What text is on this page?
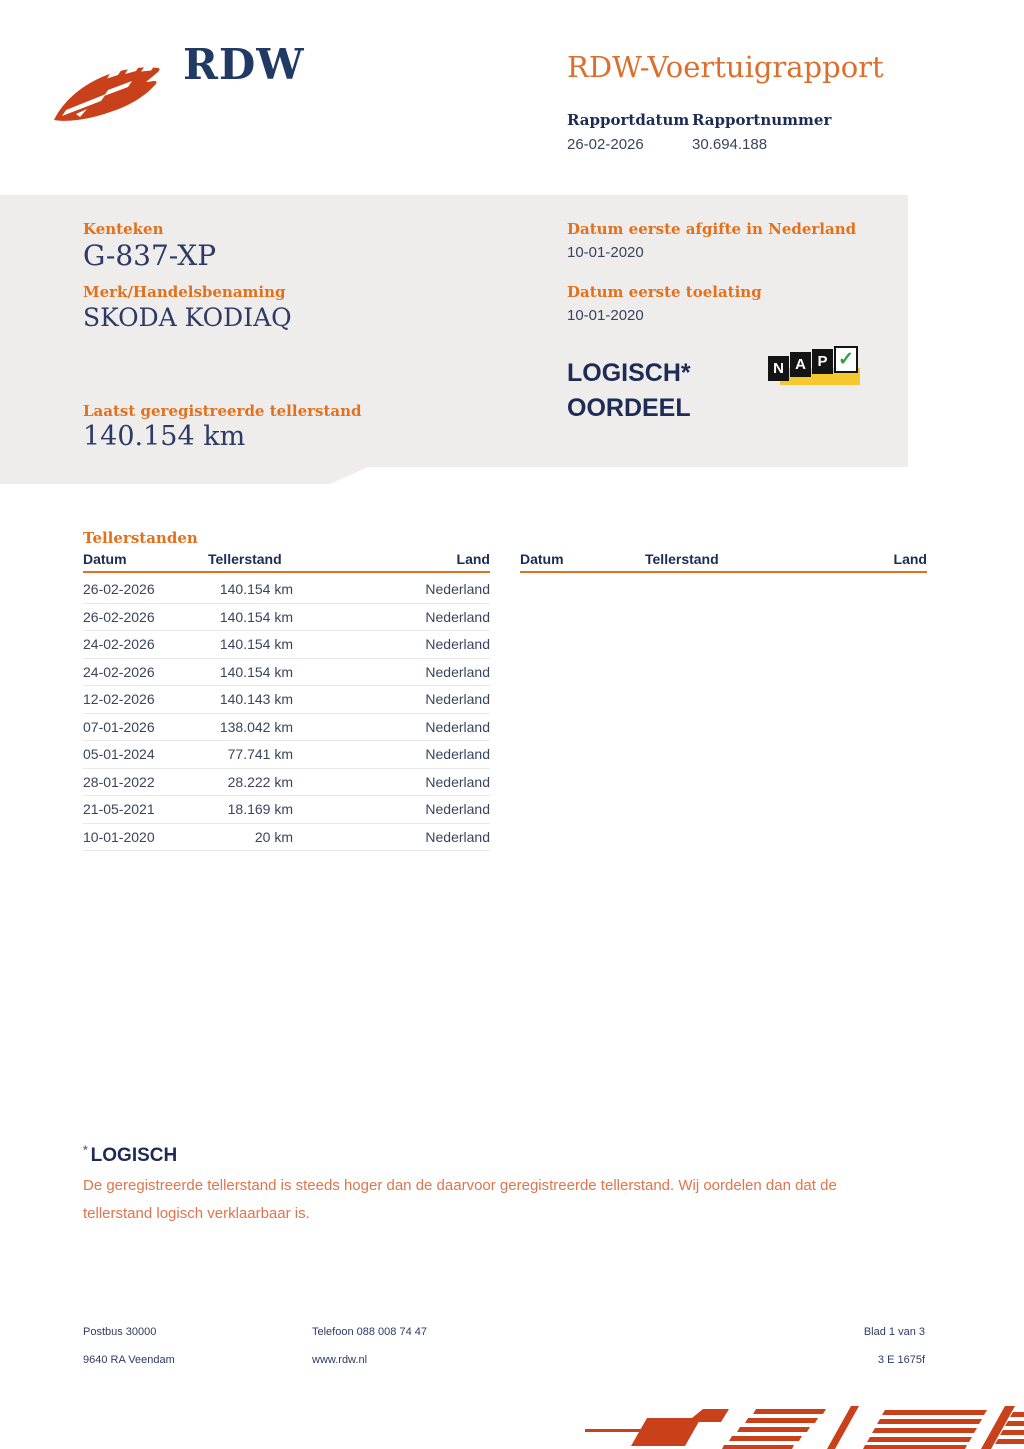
RDW	RDW-Voertuigrapport
Rapportdatum Rapportnummer
26-02-2026	30.694.188
Kenteken
G-837-XP
Merk/Handelsbenaming
SKODA KODIAQ
Datum eerste afgifte in Nederland
10-01-2020
Datum eerste toelating
10-01-2020
LOGISCH*
OORDEEL
N A P ✓
Laatst geregistreerde tellerstand
140.154 km
Tellerstanden
Datum	Tellerstand	Land Datum	Tellerstand	Land
26-02-2026	140.154 km	Nederland
26-02-2026	140.154 km	Nederland
24-02-2026	140.154 km	Nederland
24-02-2026	140.154 km	Nederland
12-02-2026	140.143 km	Nederland
07-01-2026	138.042 km	Nederland
05-01-2024	77.741 km	Nederland
28-01-2022	28.222 km	Nederland
21-05-2021	18.169 km	Nederland
10-01-2020	20 km	Nederland
* LOGISCH
De geregistreerde tellerstand is steeds hoger dan de daarvoor geregistreerde tellerstand. Wij oordelen dan dat de tellerstand logisch verklaarbaar is.
Postbus 30000
9640 RA Veendam
Telefoon 088 008 74 47
www.rdw.nl
Blad 1 van 3
3 E 1675f
